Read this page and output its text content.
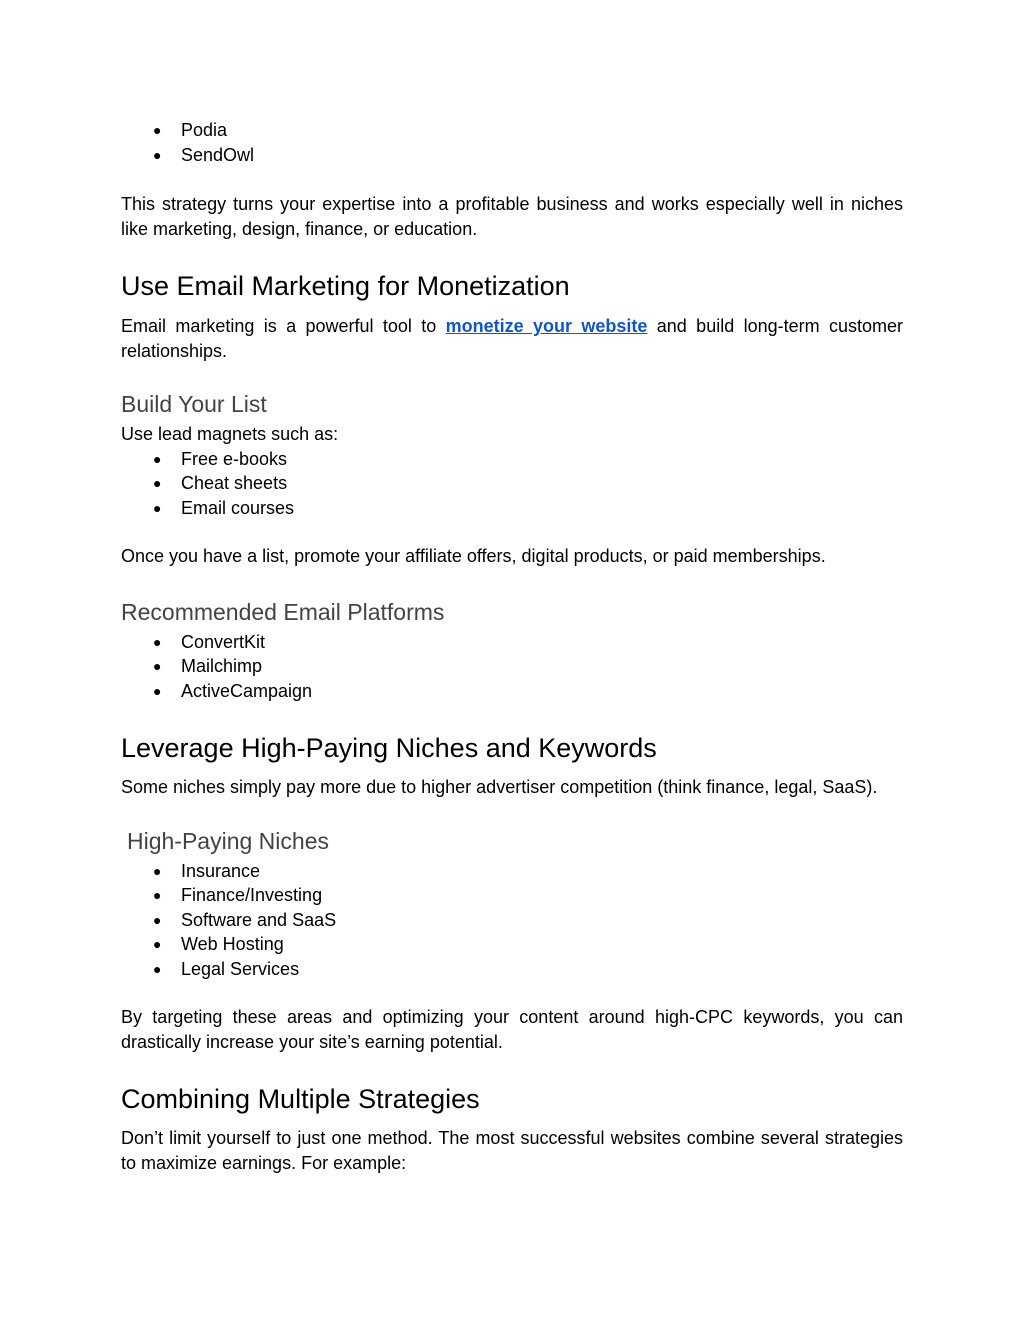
● Podia
● SendOwl

This strategy turns your expertise into a profitable business and works especially well in niches like marketing, design, finance, or education.

Use Email Marketing for Monetization

Email marketing is a powerful tool to monetize your website and build long-term customer relationships.

Build Your List

Use lead magnets such as:

● Free e-books
● Cheat sheets
● Email courses

Once you have a list, promote your affiliate offers, digital products, or paid memberships.

Recommended Email Platforms
● ConvertKit
● Mailchimp
● ActiveCampaign
Leverage High-Paying Niches and Keywords

Some niches simply pay more due to higher advertiser competition (think finance, legal, SaaS).

High-Paying Niches
● Insurance
● Finance/Investing
● Software and SaaS
● Web Hosting
● Legal Services

By targeting these areas and optimizing your content around high-CPC keywords, you can drastically increase your site’s earning potential.

Combining Multiple Strategies

Don’t limit yourself to just one method. The most successful websites combine several strategies to maximize earnings. For example:
